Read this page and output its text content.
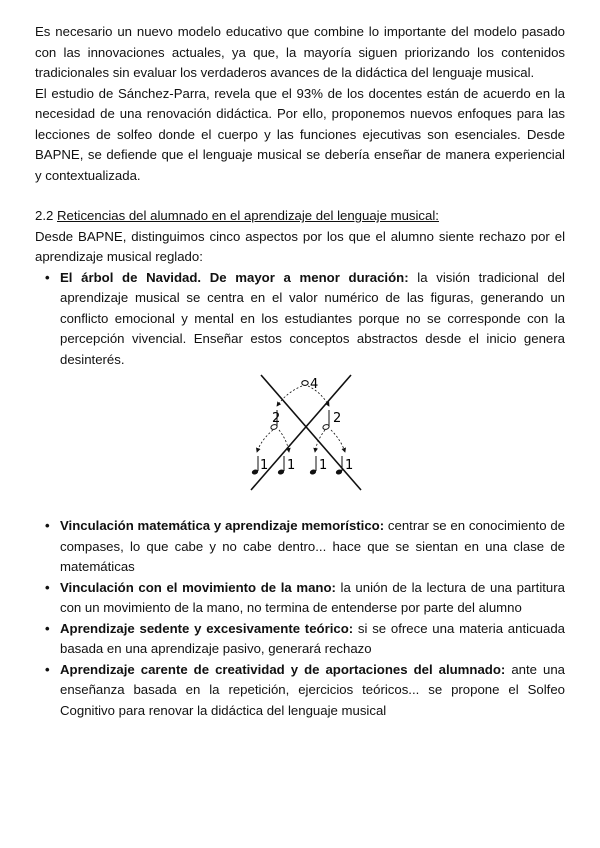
Es necesario un nuevo modelo educativo que combine lo importante del modelo pasado con las innovaciones actuales, ya que, la mayoría siguen priorizando los contenidos tradicionales sin evaluar los verdaderos avances de la didáctica del lenguaje musical.

El estudio de Sánchez-Parra, revela que el 93% de los docentes están de acuerdo en la necesidad de una renovación didáctica. Por ello, proponemos nuevos enfoques para las lecciones de solfeo donde el cuerpo y las funciones ejecutivas son esenciales. Desde BAPNE, se defiende que el lenguaje musical se debería enseñar de manera experiencial y contextualizada.

2.2 Reticencias del alumnado en el aprendizaje del lenguaje musical:

Desde BAPNE, distinguimos cinco aspectos por los que el alumno siente rechazo por el aprendizaje musical reglado:

• El árbol de Navidad. De mayor a menor duración: la visión tradicional del aprendizaje musical se centra en el valor numérico de las figuras, generando un conflicto emocional y mental en los estudiantes porque no se corresponde con la percepción vivencial. Enseñar estos conceptos abstractos desde el inicio genera desinterés.
• Vinculación matemática y aprendizaje memorístico: centrar se en conocimiento de compases, lo que cabe y no cabe dentro... hace que se sientan en una clase de matemáticas
• Vinculación con el movimiento de la mano: la unión de la lectura de una partitura con un movimiento de la mano, no termina de entenderse por parte del alumno
• Aprendizaje sedente y excesivamente teórico: si se ofrece una materia anticuada basada en una aprendizaje pasivo, generará rechazo
• Aprendizaje carente de creatividad y de aportaciones del alumnado: ante una enseñanza basada en la repetición, ejercicios teóricos... se propone el Solfeo Cognitivo para renovar la didáctica del lenguaje musical
4
2	2
1 1 1 1
